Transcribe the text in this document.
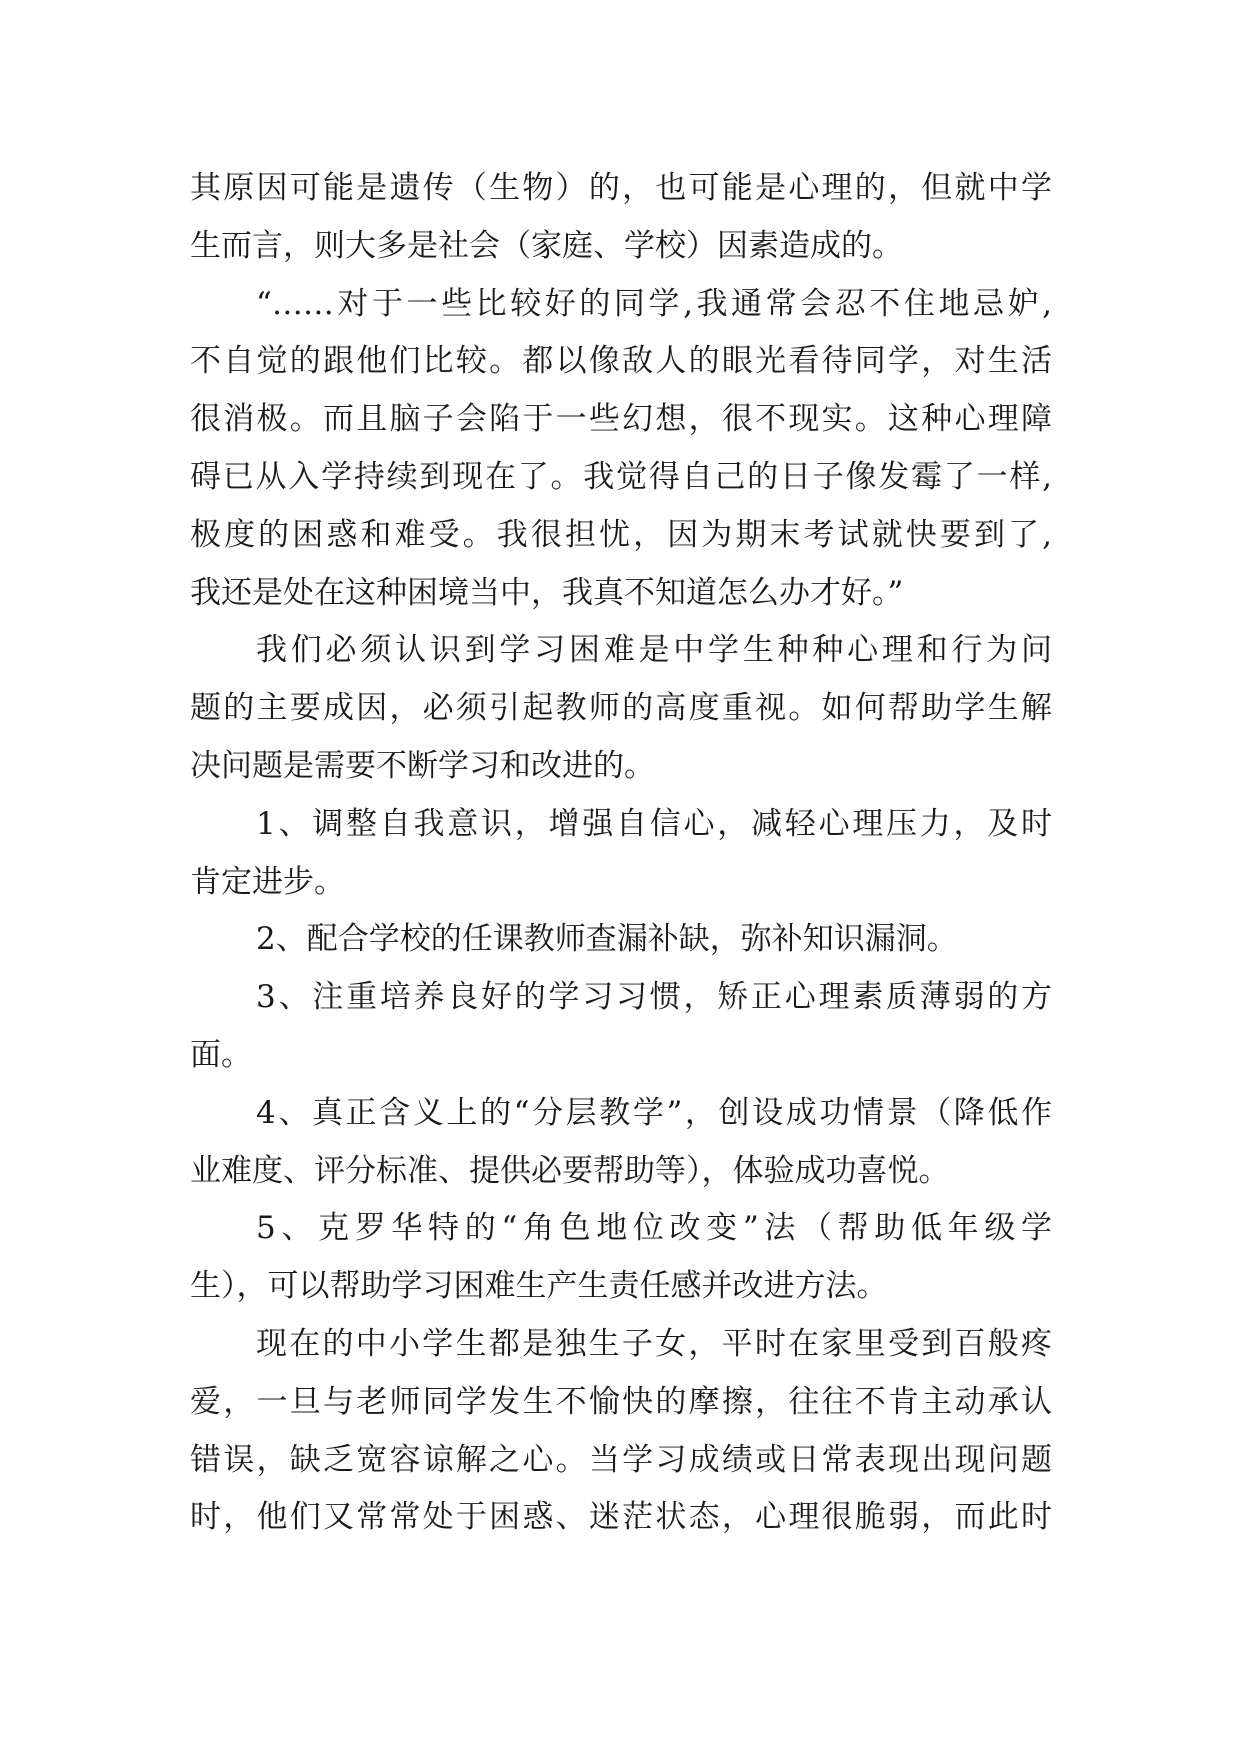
其原因可能是遗传（生物）的，也可能是心理的，但就中学
生而言，则大多是社会（家庭、学校）因素造成的。
“……对于一些比较好的同学,我通常会忍不住地忌妒,
不自觉的跟他们比较。都以像敌人的眼光看待同学，对生活
很消极。而且脑子会陷于一些幻想，很不现实。这种心理障
碍已从入学持续到现在了。我觉得自己的日子像发霉了一样,
极度的困惑和难受。我很担忧，因为期末考试就快要到了,
我还是处在这种困境当中，我真不知道怎么办才好。”
我们必须认识到学习困难是中学生种种心理和行为问
题的主要成因，必须引起教师的高度重视。如何帮助学生解
决问题是需要不断学习和改进的。
1、调整自我意识，增强自信心，减轻心理压力，及时
肯定进步。
2、配合学校的任课教师查漏补缺，弥补知识漏洞。
3、注重培养良好的学习习惯，矫正心理素质薄弱的方
面。
4、真正含义上的“分层教学”，创设成功情景（降低作
业难度、评分标准、提供必要帮助等），体验成功喜悦。
5、克罗华特的“角色地位改变”法（帮助低年级学
生），可以帮助学习困难生产生责任感并改进方法。
现在的中小学生都是独生子女，平时在家里受到百般疼
爱，一旦与老师同学发生不愉快的摩擦，往往不肯主动承认
错误，缺乏宽容谅解之心。当学习成绩或日常表现出现问题
时，他们又常常处于困惑、迷茫状态，心理很脆弱，而此时
